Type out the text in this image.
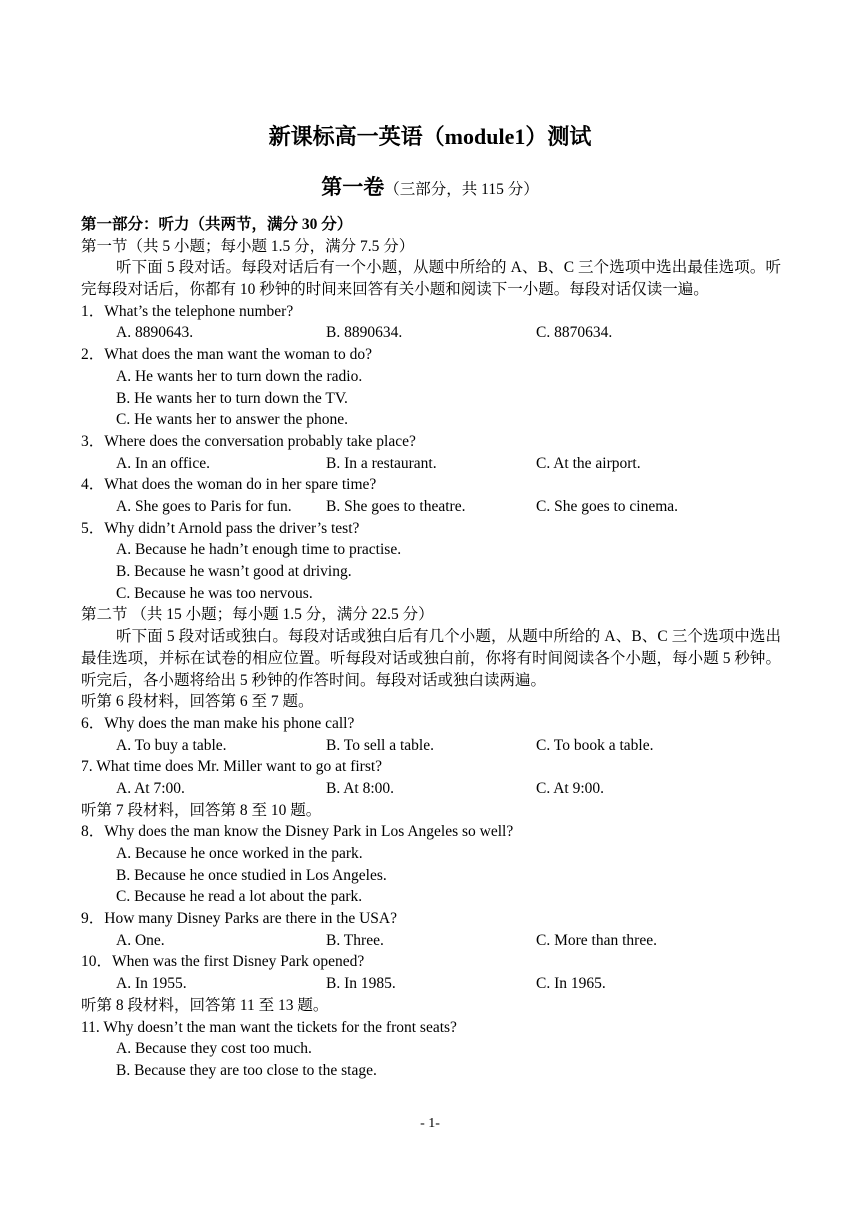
新课标高一英语（module1）测试
第一卷（三部分，共 115 分）
第一部分：听力（共两节，满分 30 分）
第一节（共 5 小题；每小题 1.5 分，满分 7.5 分）
听下面 5 段对话。每段对话后有一个小题，从题中所给的 A、B、C 三个选项中选出最佳选项。听完每段对话后，你都有 10 秒钟的时间来回答有关小题和阅读下一小题。每段对话仅读一遍。
1．What’s the telephone number?
A. 8890643.	B. 8890634.	C. 8870634.
2．What does the man want the woman to do?
A. He wants her to turn down the radio.
B. He wants her to turn down the TV.
C. He wants her to answer the phone.
3．Where does the conversation probably take place?
A. In an office.	B. In a restaurant.	C. At the airport.
4．What does the woman do in her spare time?
A. She goes to Paris for fun. B. She goes to theatre.	C. She goes to cinema.
5．Why didn’t Arnold pass the driver’s test?
A. Because he hadn’t enough time to practise.
B. Because he wasn’t good at driving.
C. Because he was too nervous.
第二节 （共 15 小题；每小题 1.5 分，满分 22.5 分）
听下面 5 段对话或独白。每段对话或独白后有几个小题，从题中所给的 A、B、C 三个选项中选出最佳选项，并标在试卷的相应位置。听每段对话或独白前，你将有时间阅读各个小题，每小题 5 秒钟。听完后，各小题将给出 5 秒钟的作答时间。每段对话或独白读两遍。
听第 6 段材料，回答第 6 至 7 题。
6．Why does the man make his phone call?
A. To buy a table.	B. To sell a table.	C. To book a table.
7. What time does Mr. Miller want to go at first?
A. At 7:00.	B. At 8:00.	C. At 9:00.
听第 7 段材料，回答第 8 至 10 题。
8．Why does the man know the Disney Park in Los Angeles so well?
A. Because he once worked in the park.
B. Because he once studied in Los Angeles.
C. Because he read a lot about the park.
9．How many Disney Parks are there in the USA?
A. One.	B. Three.	C. More than three.
10．When was the first Disney Park opened?
A. In 1955.	B. In 1985.	C. In 1965.
听第 8 段材料，回答第 11 至 13 题。
11. Why doesn’t the man want the tickets for the front seats?
A. Because they cost too much.
B. Because they are too close to the stage.
- 1-
